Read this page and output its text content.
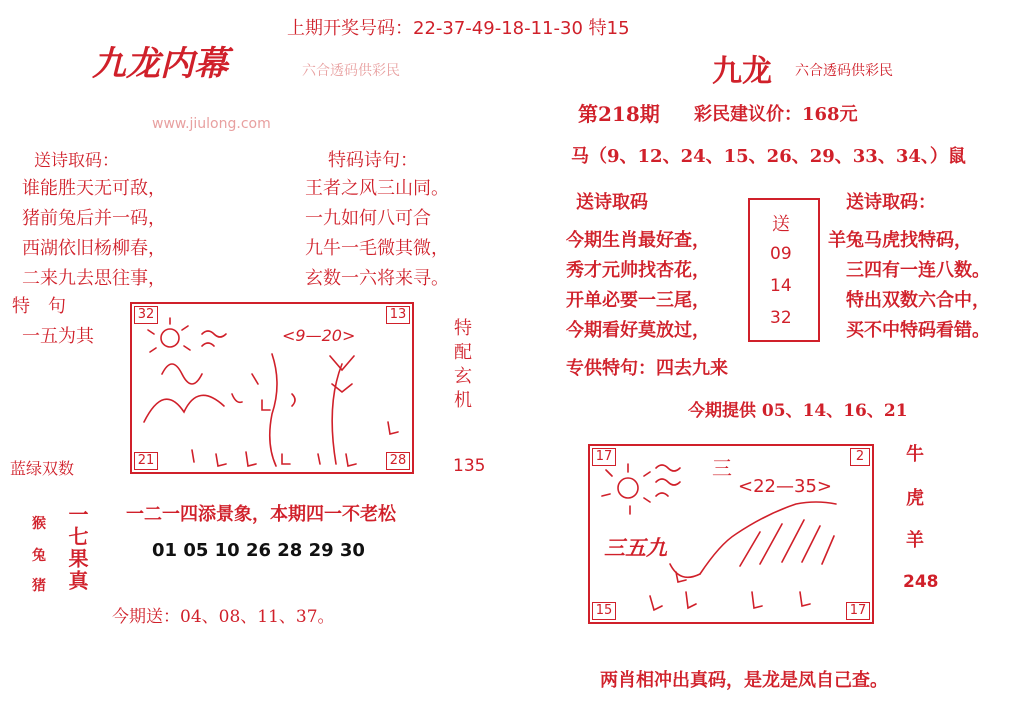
上期开奖号码：22-37-49-18-11-30 特15
九龙内幕	六合透码供彩民
www.jiulong.com
送诗取码：
谁能胜天无可敌，
猪前兔后并一码，
西湖依旧杨柳春，
二来九去思往事，
特码诗句：
王者之风三山同。
一九如何八可合
九牛一毛微其微，
玄数一六将来寻。
特　句
一五为其
32	13
21	28
<9—20>	特配玄机
蓝绿双数	135
一二一四添景象，本期四一不老松
01 05 10 26 28 29 30
猴
兔
猪 一七果真
今期送：04、08、11、37。
九龙 六合透码供彩民
第218期 彩民建议价：168元
马（9、12、24、15、26、29、33、34、）鼠
送诗取码
今期生肖最好查，
秀才元帅找杏花，
开单必要一三尾，
今期看好莫放过，
送
09
14
32
送诗取码：
羊兔马虎找特码，
三四有一连八数。
特出双数六合中，
买不中特码看错。
专供特句：四去九来
今期提供 05、14、16、21
17	2
15	17
三
<22—35>
三五九
牛
虎
羊
248
两肖相冲出真码，是龙是凤自己查。
